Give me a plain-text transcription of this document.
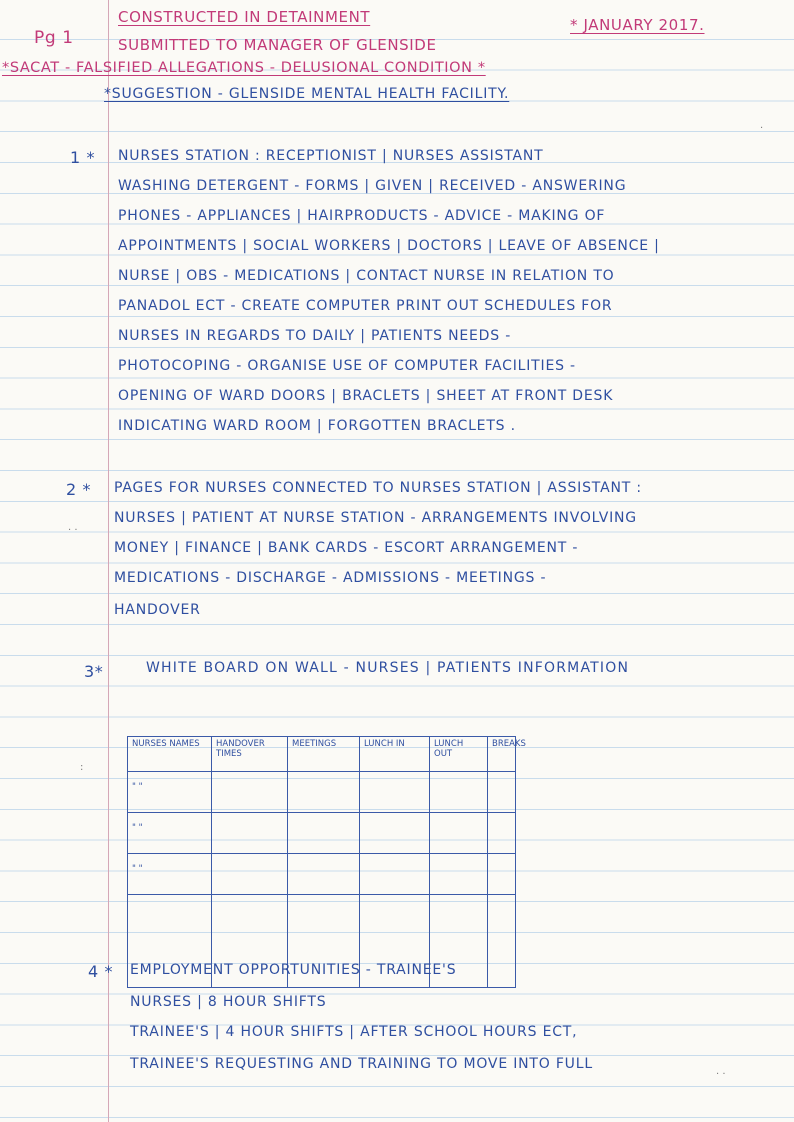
Pg 1
CONSTRUCTED IN DETAINMENT	* JANUARY 2017.
SUBMITTED TO MANAGER OF GLENSIDE
*SACAT - FALSIFIED ALLEGATIONS - DELUSIONAL CONDITION *
*SUGGESTION - GLENSIDE MENTAL HEALTH FACILITY.
1 * NURSES STATION : RECEPTIONIST | NURSES ASSISTANT
WASHING DETERGENT - FORMS | GIVEN | RECEIVED - ANSWERING
PHONES - APPLIANCES | HAIRPRODUCTS - ADVICE - MAKING OF
APPOINTMENTS | SOCIAL WORKERS | DOCTORS | LEAVE OF ABSENCE |
NURSE | OBS - MEDICATIONS | CONTACT NURSE IN RELATION TO
PANADOL ECT - CREATE COMPUTER PRINT OUT SCHEDULES FOR
NURSES IN REGARDS TO DAILY | PATIENTS NEEDS -
PHOTOCOPING - ORGANISE USE OF COMPUTER FACILITIES -
OPENING OF WARD DOORS | BRACLETS | SHEET AT FRONT DESK
INDICATING WARD ROOM | FORGOTTEN BRACLETS .
2 * PAGES FOR NURSES CONNECTED TO NURSES STATION | ASSISTANT :
NURSES | PATIENT AT NURSE STATION - ARRANGEMENTS INVOLVING
MONEY | FINANCE | BANK CARDS - ESCORT ARRANGEMENT -
MEDICATIONS - DISCHARGE - ADMISSIONS - MEETINGS -
HANDOVER
3*	WHITE BOARD ON WALL - NURSES | PATIENTS INFORMATION
NURSES NAMES	HANDOVER TIMES	MEETINGS	LUNCH IN	LUNCH OUT	BREAKS
" "					
" "					
" "					

4 * EMPLOYMENT OPPORTUNITIES - TRAINEE'S
NURSES | 8 HOUR SHIFTS
TRAINEE'S | 4 HOUR SHIFTS | AFTER SCHOOL HOURS ECT,
TRAINEE'S REQUESTING AND TRAINING TO MOVE INTO FULL
.
. .
:
. .
